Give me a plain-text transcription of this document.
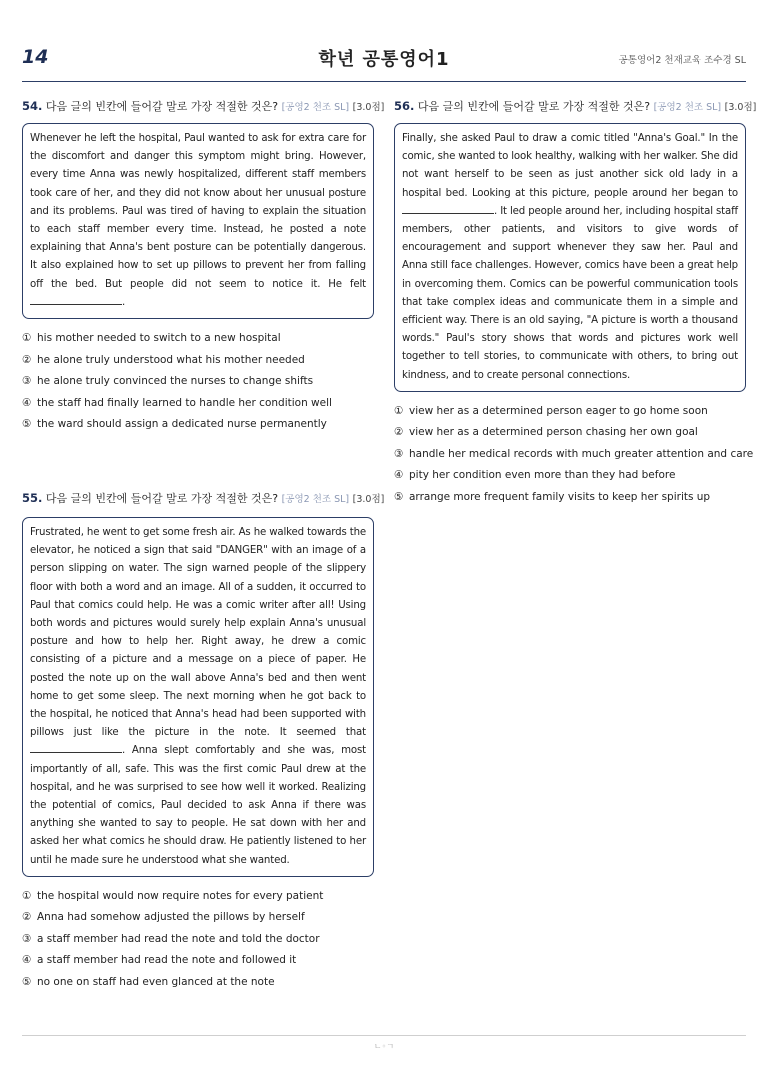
14	학년 공통영어1	공통영어2 천재교육 조수경 SL
54. 다음 글의 빈칸에 들어갈 말로 가장 적절한 것은? [공영2 천조 SL] [3.0점]
Whenever he left the hospital, Paul wanted to ask for extra care for the discomfort and danger this symptom might bring. However, every time Anna was newly hospitalized, different staff members took care of her, and they did not know about her unusual posture and its problems. Paul was tired of having to explain the situation to each staff member every time. Instead, he posted a note explaining that Anna's bent posture can be potentially dangerous. It also explained how to set up pillows to prevent her from falling off the bed. But people did not seem to notice it. He felt .
① his mother needed to switch to a new hospital
② he alone truly understood what his mother needed
③ he alone truly convinced the nurses to change shifts
④ the staff had finally learned to handle her condition well
⑤ the ward should assign a dedicated nurse permanently
55. 다음 글의 빈칸에 들어갈 말로 가장 적절한 것은? [공영2 천조 SL] [3.0점]
Frustrated, he went to get some fresh air. As he walked towards the elevator, he noticed a sign that said "DANGER" with an image of a person slipping on water. The sign warned people of the slippery floor with both a word and an image. All of a sudden, it occurred to Paul that comics could help. He was a comic writer after all! Using both words and pictures would surely help explain Anna's unusual posture and how to help her. Right away, he drew a comic consisting of a picture and a message on a piece of paper. He posted the note up on the wall above Anna's bed and then went home to get some sleep. The next morning when he got back to the hospital, he noticed that Anna's head had been supported with pillows just like the picture in the note. It seemed that . Anna slept comfortably and she was, most importantly of all, safe. This was the first comic Paul drew at the hospital, and he was surprised to see how well it worked. Realizing the potential of comics, Paul decided to ask Anna if there was anything she wanted to say to people. He sat down with her and asked her what comics he should draw. He patiently listened to her until he made sure he understood what she wanted.
① the hospital would now require notes for every patient
② Anna had somehow adjusted the pillows by herself
③ a staff member had read the note and told the doctor
④ a staff member had read the note and followed it
⑤ no one on staff had even glanced at the note
56. 다음 글의 빈칸에 들어갈 말로 가장 적절한 것은? [공영2 천조 SL] [3.0점]
Finally, she asked Paul to draw a comic titled "Anna's Goal." In the comic, she wanted to look healthy, walking with her walker. She did not want herself to be seen as just another sick old lady in a hospital bed. Looking at this picture, people around her began to . It led people around her, including hospital staff members, other patients, and visitors to give words of encouragement and support whenever they saw her. Paul and Anna still face challenges. However, comics have been a great help in overcoming them. Comics can be powerful communication tools that take complex ideas and communicate them in a simple and efficient way. There is an old saying, "A picture is worth a thousand words." Paul's story shows that words and pictures work well together to tell stories, to communicate with others, to bring out kindness, and to create personal connections.
① view her as a determined person eager to go home soon
② view her as a determined person chasing her own goal
③ handle her medical records with much greater attention and care
④ pity her condition even more than they had before
⑤ arrange more frequent family visits to keep her spirits up
ㄴ◦ㄱ
